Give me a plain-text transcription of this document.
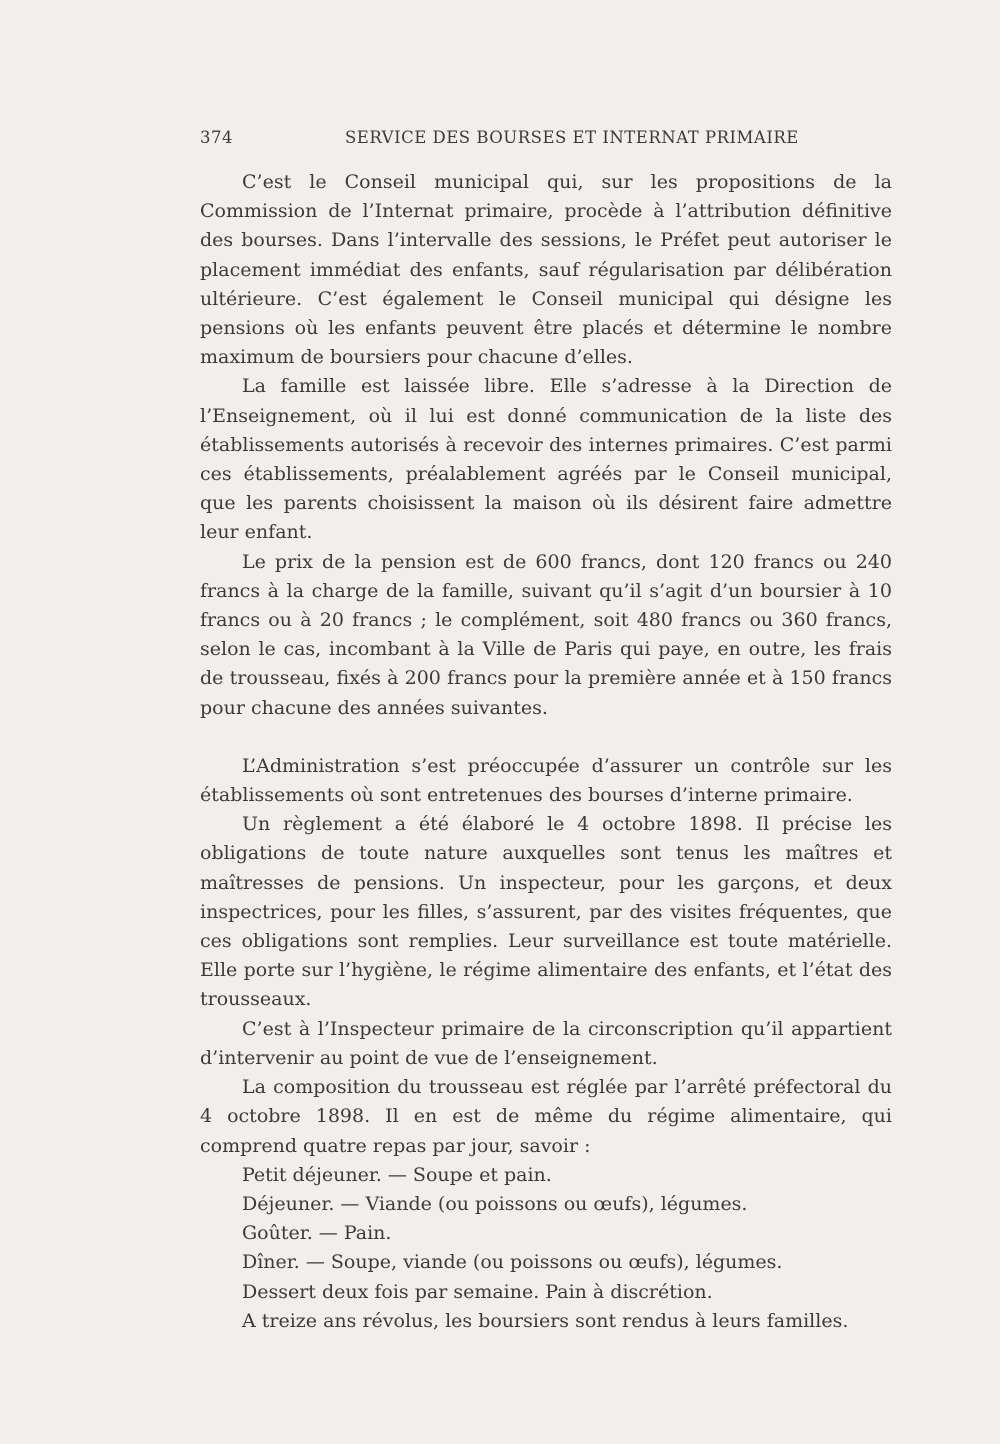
374	SERVICE DES BOURSES ET INTERNAT PRIMAIRE

C’est le Conseil municipal qui, sur les propositions de la Commission de l’Internat primaire, procède à l’attribution définitive des bourses. Dans l’intervalle des sessions, le Préfet peut autoriser le placement immédiat des enfants, sauf régularisation par délibération ultérieure. C’est également le Conseil municipal qui désigne les pensions où les enfants peuvent être placés et détermine le nombre maximum de boursiers pour chacune d’elles.

La famille est laissée libre. Elle s’adresse à la Direction de l’Enseignement, où il lui est donné communication de la liste des établissements autorisés à recevoir des internes primaires. C’est parmi ces établissements, préalablement agréés par le Conseil municipal, que les parents choisissent la maison où ils désirent faire admettre leur enfant.

Le prix de la pension est de 600 francs, dont 120 francs ou 240 francs à la charge de la famille, suivant qu’il s’agit d’un boursier à 10 francs ou à 20 francs ; le complément, soit 480 francs ou 360 francs, selon le cas, incombant à la Ville de Paris qui paye, en outre, les frais de trousseau, fixés à 200 francs pour la première année et à 150 francs pour chacune des années suivantes.

L’Administration s’est préoccupée d’assurer un contrôle sur les établissements où sont entretenues des bourses d’interne primaire.

Un règlement a été élaboré le 4 octobre 1898. Il précise les obligations de toute nature auxquelles sont tenus les maîtres et maîtresses de pensions. Un inspecteur, pour les garçons, et deux inspectrices, pour les filles, s’assurent, par des visites fréquentes, que ces obligations sont remplies. Leur surveillance est toute matérielle. Elle porte sur l’hygiène, le régime alimentaire des enfants, et l’état des trousseaux.

C’est à l’Inspecteur primaire de la circonscription qu’il appartient d’intervenir au point de vue de l’enseignement.

La composition du trousseau est réglée par l’arrêté préfectoral du 4 octobre 1898. Il en est de même du régime alimentaire, qui comprend quatre repas par jour, savoir :

Petit déjeuner. — Soupe et pain.

Déjeuner. — Viande (ou poissons ou œufs), légumes.

Goûter. — Pain.

Dîner. — Soupe, viande (ou poissons ou œufs), légumes.

Dessert deux fois par semaine. Pain à discrétion.

A treize ans révolus, les boursiers sont rendus à leurs familles.
